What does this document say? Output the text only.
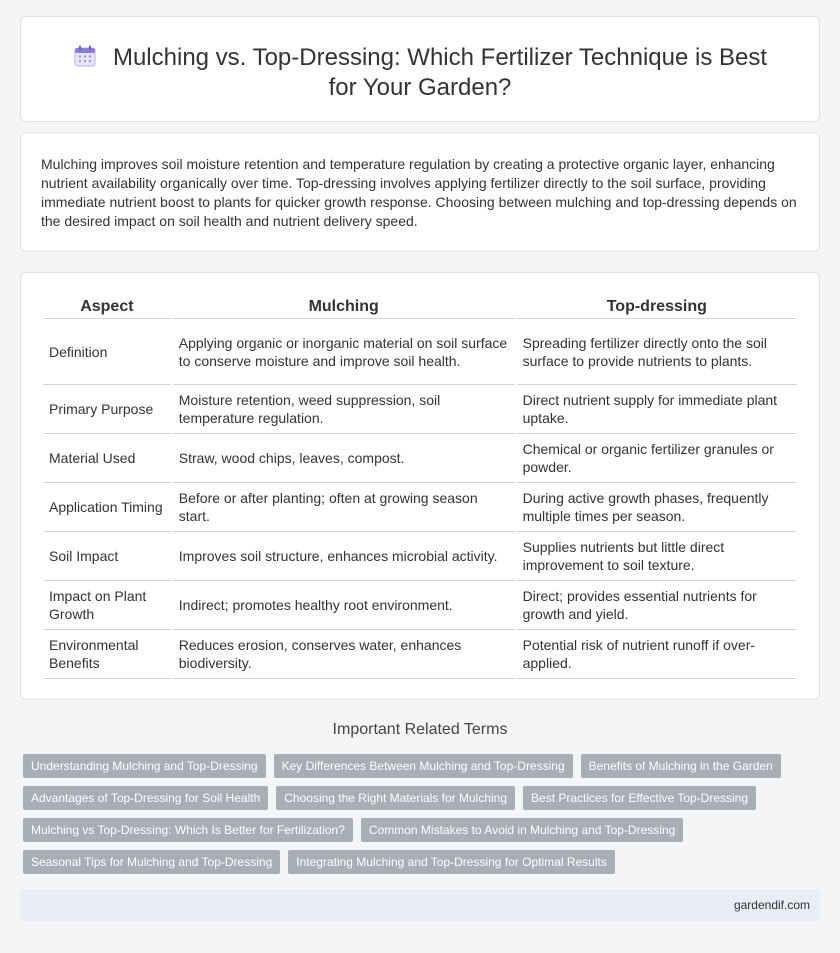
Mulching vs. Top-Dressing: Which Fertilizer Technique is Best for Your Garden?

Mulching improves soil moisture retention and temperature regulation by creating a protective organic layer, enhancing nutrient availability organically over time. Top-dressing involves applying fertilizer directly to the soil surface, providing immediate nutrient boost to plants for quicker growth response. Choosing between mulching and top-dressing depends on the desired impact on soil health and nutrient delivery speed.

Aspect	Mulching	Top-dressing
Definition	Applying organic or inorganic material on soil surface to conserve moisture and improve soil health.	Spreading fertilizer directly onto the soil surface to provide nutrients to plants.
Primary Purpose	Moisture retention, weed suppression, soil temperature regulation.	Direct nutrient supply for immediate plant uptake.
Material Used	Straw, wood chips, leaves, compost.	Chemical or organic fertilizer granules or powder.
Application Timing	Before or after planting; often at growing season start.	During active growth phases, frequently multiple times per season.
Soil Impact	Improves soil structure, enhances microbial activity.	Supplies nutrients but little direct improvement to soil texture.
Impact on Plant Growth	Indirect; promotes healthy root environment.	Direct; provides essential nutrients for growth and yield.
Environmental Benefits	Reduces erosion, conserves water, enhances biodiversity.	Potential risk of nutrient runoff if over-applied.
Important Related Terms
Understanding Mulching and Top-Dressing	Key Differences Between Mulching and Top-Dressing	Benefits of Mulching in the Garden
Advantages of Top-Dressing for Soil Health	Choosing the Right Materials for Mulching	Best Practices for Effective Top-Dressing
Mulching vs Top-Dressing: Which Is Better for Fertilization?	Common Mistakes to Avoid in Mulching and Top-Dressing
Seasonal Tips for Mulching and Top-Dressing	Integrating Mulching and Top-Dressing for Optimal Results
gardendif.com
